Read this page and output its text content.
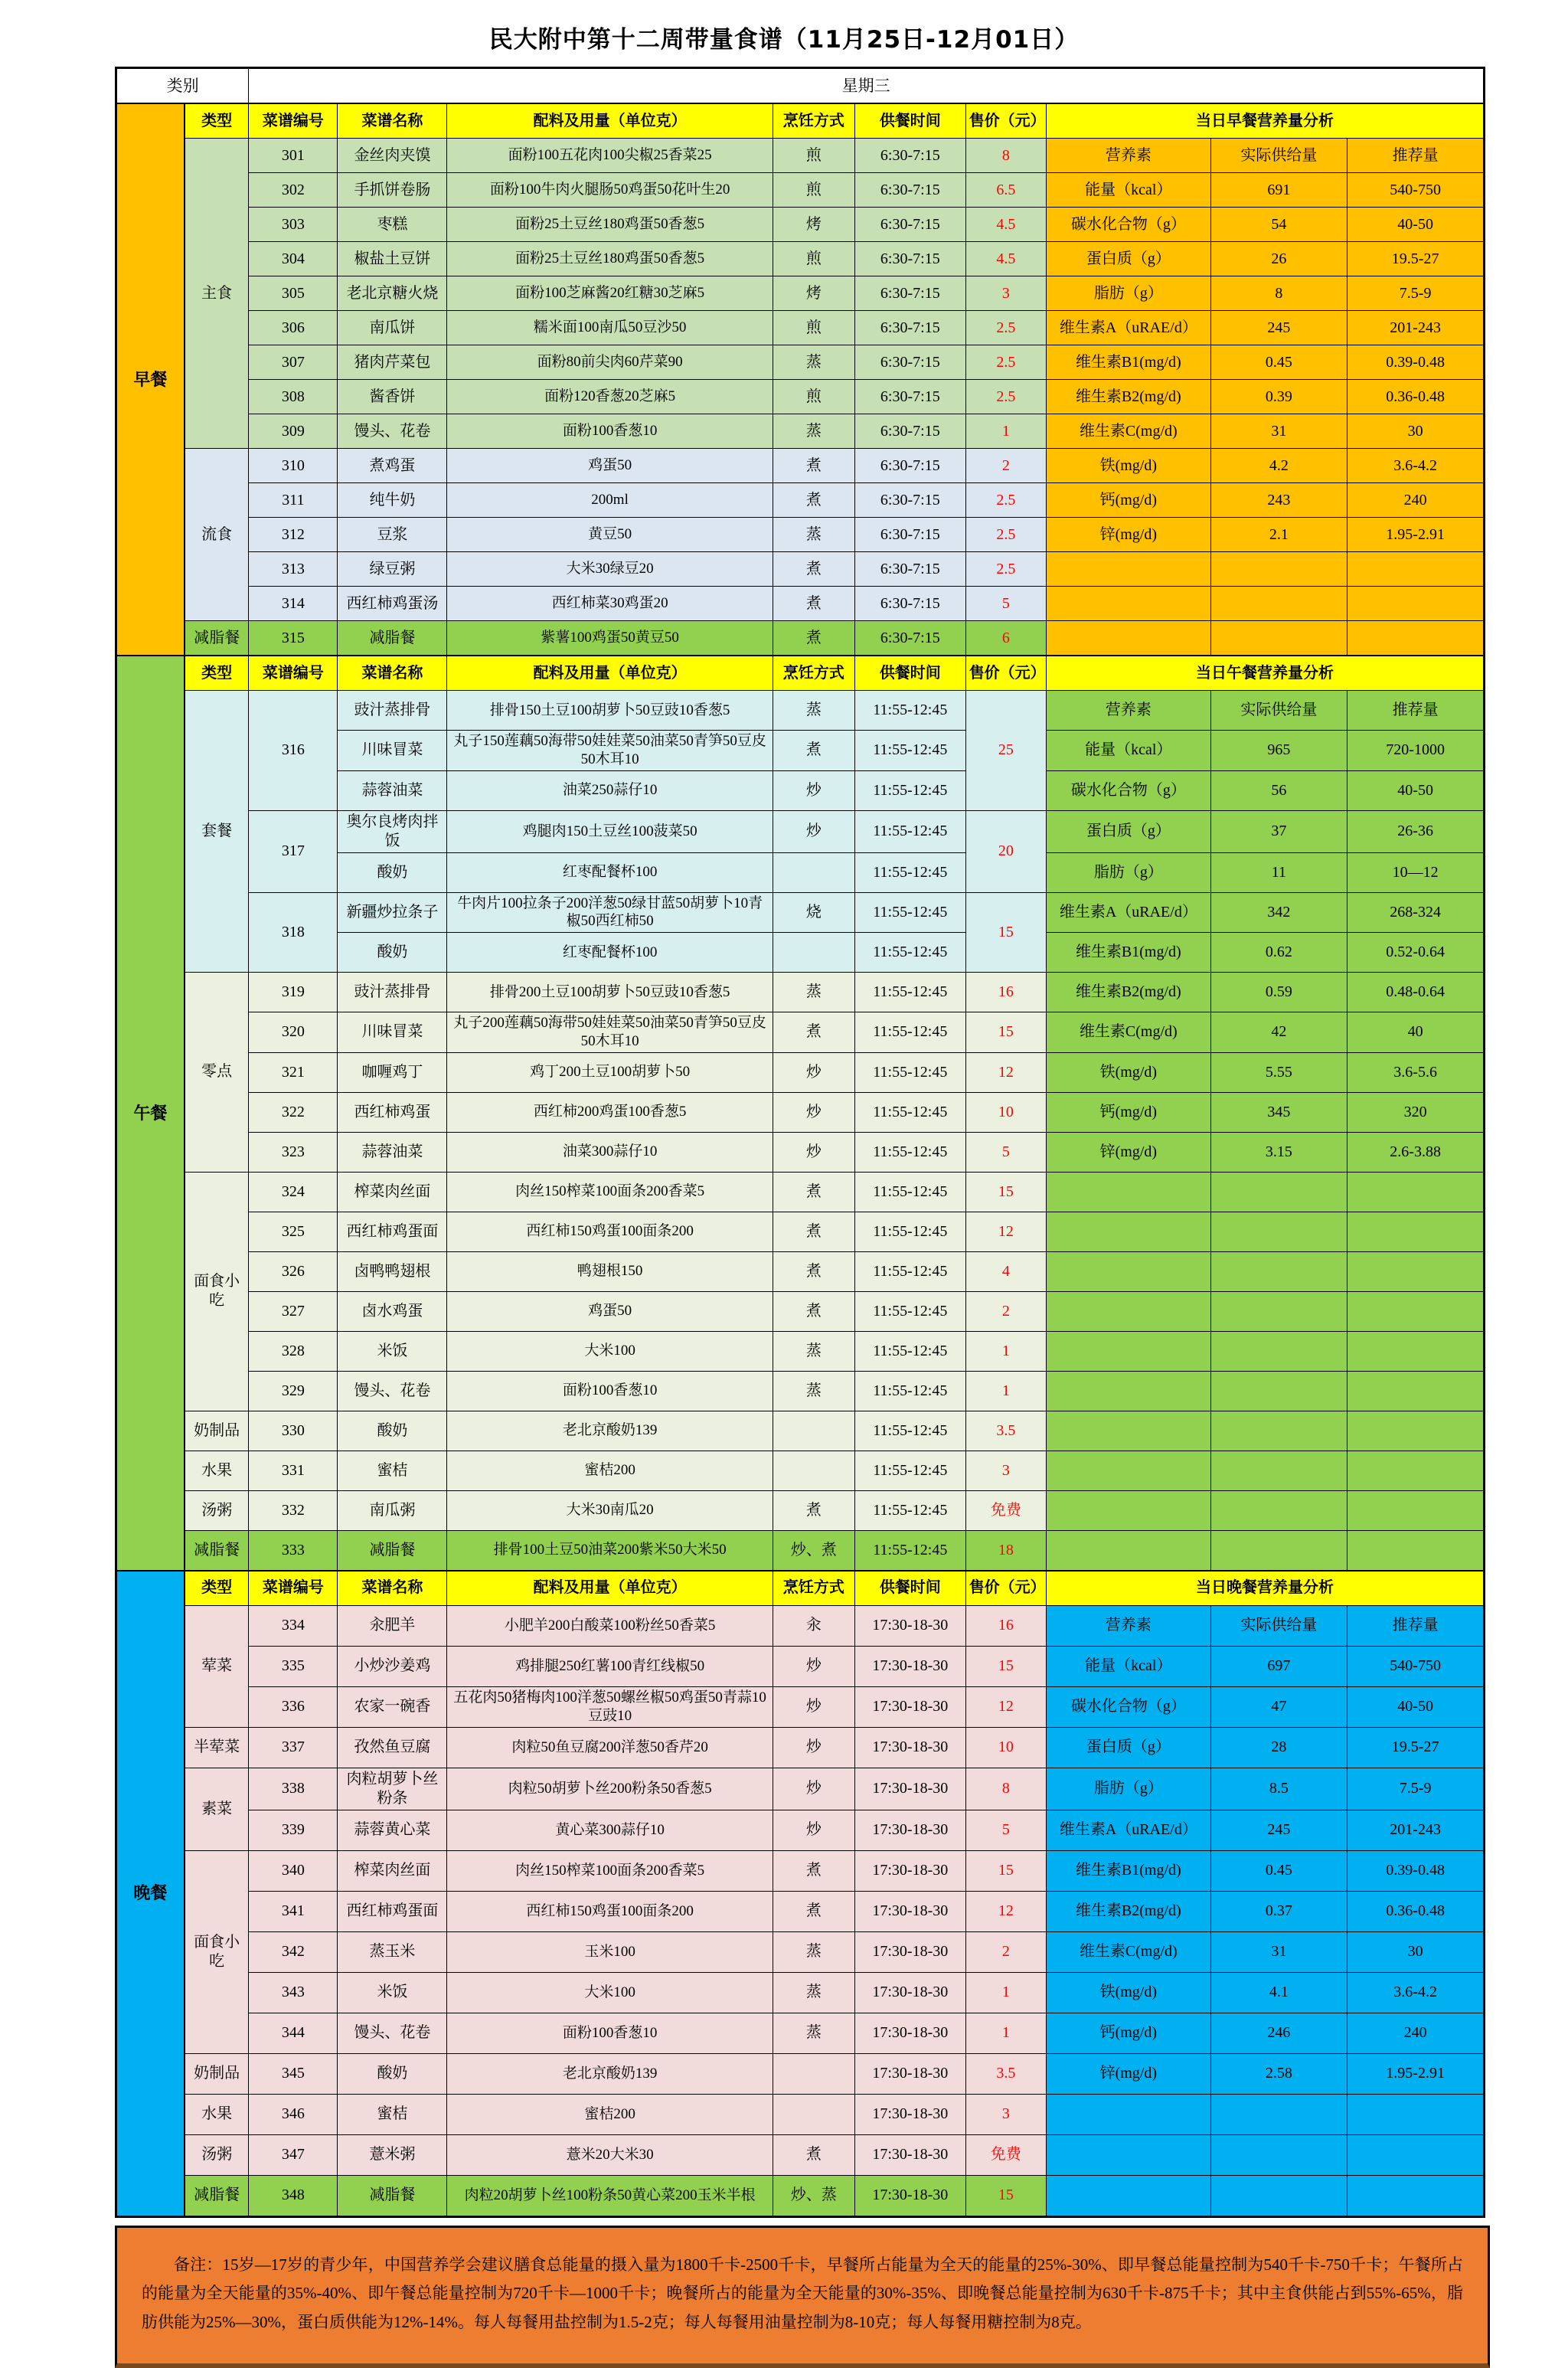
民大附中第十二周带量食谱（11月25日-12月01日）
类别		星期三								
早餐	类型	菜谱编号	菜谱名称	配料及用量（单位克）	烹饪方式	供餐时间	售价（元）	当日早餐营养量分析		
	主食	301	金丝肉夹馍	面粉100五花肉100尖椒25香菜25	煎	6:30-7:15	8	营养素	实际供给量	推荐量
		302	手抓饼卷肠	面粉100牛肉火腿肠50鸡蛋50花叶生20	煎	6:30-7:15	6.5	能量（kcal）	691	540-750
		303	枣糕	面粉25土豆丝180鸡蛋50香葱5	烤	6:30-7:15	4.5	碳水化合物（g）	54	40-50
		304	椒盐土豆饼	面粉25土豆丝180鸡蛋50香葱5	煎	6:30-7:15	4.5	蛋白质（g）	26	19.5-27
		305	老北京糖火烧	面粉100芝麻酱20红糖30芝麻5	烤	6:30-7:15	3	脂肪（g）	8	7.5-9
		306	南瓜饼	糯米面100南瓜50豆沙50	煎	6:30-7:15	2.5	维生素A（uRAE/d）	245	201-243
		307	猪肉芹菜包	面粉80前尖肉60芹菜90	蒸	6:30-7:15	2.5	维生素B1(mg/d)	0.45	0.39-0.48
		308	酱香饼	面粉120香葱20芝麻5	煎	6:30-7:15	2.5	维生素B2(mg/d)	0.39	0.36-0.48
		309	馒头、花卷	面粉100香葱10	蒸	6:30-7:15	1	维生素C(mg/d)	31	30
	流食	310	煮鸡蛋	鸡蛋50	煮	6:30-7:15	2	铁(mg/d)	4.2	3.6-4.2
		311	纯牛奶	200ml	煮	6:30-7:15	2.5	钙(mg/d)	243	240
		312	豆浆	黄豆50	蒸	6:30-7:15	2.5	锌(mg/d)	2.1	1.95-2.91
		313	绿豆粥	大米30绿豆20	煮	6:30-7:15	2.5			
		314	西红柿鸡蛋汤	西红柿菜30鸡蛋20	煮	6:30-7:15	5			
	减脂餐	315	减脂餐	紫薯100鸡蛋50黄豆50	煮	6:30-7:15	6			
午餐	类型	菜谱编号	菜谱名称	配料及用量（单位克）	烹饪方式	供餐时间	售价（元）	当日午餐营养量分析		
	套餐	316	豉汁蒸排骨	排骨150土豆100胡萝卜50豆豉10香葱5	蒸	11:55-12:45	25	营养素	实际供给量	推荐量
			川味冒菜	丸子150莲藕50海带50娃娃菜50油菜50青笋50豆皮50木耳10	煮	11:55-12:45		能量（kcal）	965	720-1000
			蒜蓉油菜	油菜250蒜仔10	炒	11:55-12:45		碳水化合物（g）	56	40-50
		317	奥尔良烤肉拌饭	鸡腿肉150土豆丝100菠菜50	炒	11:55-12:45	20	蛋白质（g）	37	26-36
			酸奶	红枣配餐杯100		11:55-12:45		脂肪（g）	11	10—12
		318	新疆炒拉条子	牛肉片100拉条子200洋葱50绿甘蓝50胡萝卜10青椒50西红柿50	烧	11:55-12:45	15	维生素A（uRAE/d）	342	268-324
			酸奶	红枣配餐杯100		11:55-12:45		维生素B1(mg/d)	0.62	0.52-0.64
	零点	319	豉汁蒸排骨	排骨200土豆100胡萝卜50豆豉10香葱5	蒸	11:55-12:45	16	维生素B2(mg/d)	0.59	0.48-0.64
		320	川味冒菜	丸子200莲藕50海带50娃娃菜50油菜50青笋50豆皮50木耳10	煮	11:55-12:45	15	维生素C(mg/d)	42	40
		321	咖喱鸡丁	鸡丁200土豆100胡萝卜50	炒	11:55-12:45	12	铁(mg/d)	5.55	3.6-5.6
		322	西红柿鸡蛋	西红柿200鸡蛋100香葱5	炒	11:55-12:45	10	钙(mg/d)	345	320
		323	蒜蓉油菜	油菜300蒜仔10	炒	11:55-12:45	5	锌(mg/d)	3.15	2.6-3.88
	面食小吃	324	榨菜肉丝面	肉丝150榨菜100面条200香菜5	煮	11:55-12:45	15			
		325	西红柿鸡蛋面	西红柿150鸡蛋100面条200	煮	11:55-12:45	12			
		326	卤鸭鸭翅根	鸭翅根150	煮	11:55-12:45	4			
		327	卤水鸡蛋	鸡蛋50	煮	11:55-12:45	2			
		328	米饭	大米100	蒸	11:55-12:45	1			
		329	馒头、花卷	面粉100香葱10	蒸	11:55-12:45	1			
	奶制品	330	酸奶	老北京酸奶139		11:55-12:45	3.5			
	水果	331	蜜桔	蜜桔200		11:55-12:45	3			
	汤粥	332	南瓜粥	大米30南瓜20	煮	11:55-12:45	免费			
	减脂餐	333	减脂餐	排骨100土豆50油菜200紫米50大米50	炒、煮	11:55-12:45	18			
晚餐	类型	菜谱编号	菜谱名称	配料及用量（单位克）	烹饪方式	供餐时间	售价（元）	当日晚餐营养量分析		
	荤菜	334	汆肥羊	小肥羊200白酸菜100粉丝50香菜5	汆	17:30-18-30	16	营养素	实际供给量	推荐量
		335	小炒沙姜鸡	鸡排腿250红薯100青红线椒50	炒	17:30-18-30	15	能量（kcal）	697	540-750
		336	农家一碗香	五花肉50猪梅肉100洋葱50螺丝椒50鸡蛋50青蒜10豆豉10	炒	17:30-18-30	12	碳水化合物（g）	47	40-50
	半荤菜	337	孜然鱼豆腐	肉粒50鱼豆腐200洋葱50香芹20	炒	17:30-18-30	10	蛋白质（g）	28	19.5-27
	素菜	338	肉粒胡萝卜丝粉条	肉粒50胡萝卜丝200粉条50香葱5	炒	17:30-18-30	8	脂肪（g）	8.5	7.5-9
		339	蒜蓉黄心菜	黄心菜300蒜仔10	炒	17:30-18-30	5	维生素A（uRAE/d）	245	201-243
	面食小吃	340	榨菜肉丝面	肉丝150榨菜100面条200香菜5	煮	17:30-18-30	15	维生素B1(mg/d)	0.45	0.39-0.48
		341	西红柿鸡蛋面	西红柿150鸡蛋100面条200	煮	17:30-18-30	12	维生素B2(mg/d)	0.37	0.36-0.48
		342	蒸玉米	玉米100	蒸	17:30-18-30	2	维生素C(mg/d)	31	30
		343	米饭	大米100	蒸	17:30-18-30	1	铁(mg/d)	4.1	3.6-4.2
		344	馒头、花卷	面粉100香葱10	蒸	17:30-18-30	1	钙(mg/d)	246	240
	奶制品	345	酸奶	老北京酸奶139		17:30-18-30	3.5	锌(mg/d)	2.58	1.95-2.91
	水果	346	蜜桔	蜜桔200		17:30-18-30	3			
	汤粥	347	薏米粥	薏米20大米30	煮	17:30-18-30	免费			
	减脂餐	348	减脂餐	肉粒20胡萝卜丝100粉条50黄心菜200玉米半根	炒、蒸	17:30-18-30	15			
备注：15岁—17岁的青少年，中国营养学会建议膳食总能量的摄入量为1800千卡-2500千卡，早餐所占能量为全天的能量的25%-30%、即早餐总能量控制为540千卡-750千卡；午餐所占的能量为全天能量的35%-40%、即午餐总能量控制为720千卡—1000千卡；晚餐所占的能量为全天能量的30%-35%、即晚餐总能量控制为630千卡-875千卡；其中主食供能占到55%-65%，脂肪供能为25%—30%，蛋白质供能为12%-14%。每人每餐用盐控制为1.5-2克；每人每餐用油量控制为8-10克；每人每餐用糖控制为8克。
